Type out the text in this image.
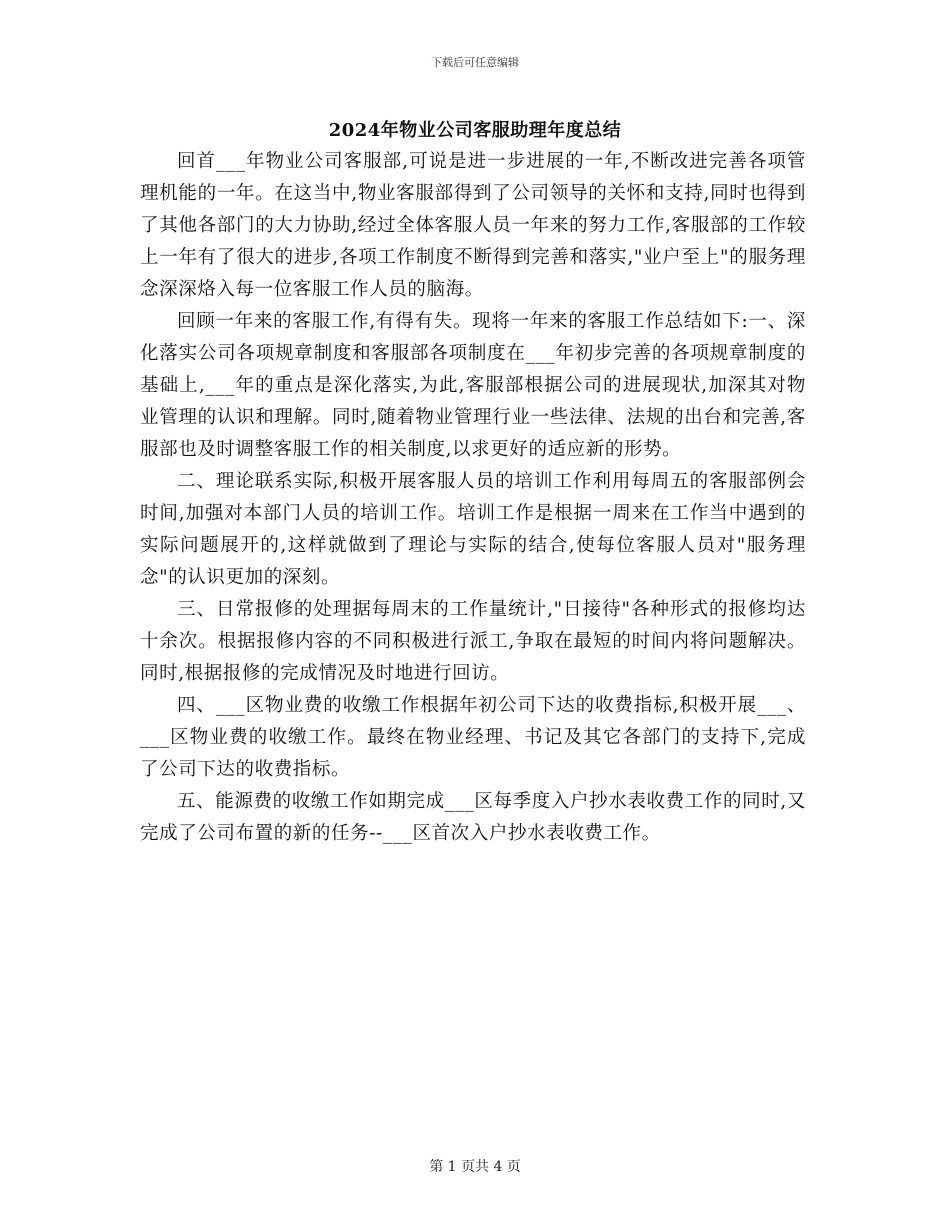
下载后可任意编辑
2024年物业公司客服助理年度总结

回首___年物业公司客服部,可说是进一步进展的一年,不断改进完善各项管理机能的一年。在这当中,物业客服部得到了公司领导的关怀和支持,同时也得到了其他各部门的大力协助,经过全体客服人员一年来的努力工作,客服部的工作较上一年有了很大的进步,各项工作制度不断得到完善和落实,"业户至上"的服务理念深深烙入每一位客服工作人员的脑海。

回顾一年来的客服工作,有得有失。现将一年来的客服工作总结如下:一、深化落实公司各项规章制度和客服部各项制度在___年初步完善的各项规章制度的基础上,___年的重点是深化落实,为此,客服部根据公司的进展现状,加深其对物业管理的认识和理解。同时,随着物业管理行业一些法律、法规的出台和完善,客服部也及时调整客服工作的相关制度,以求更好的适应新的形势。

二、理论联系实际,积极开展客服人员的培训工作利用每周五的客服部例会时间,加强对本部门人员的培训工作。培训工作是根据一周来在工作当中遇到的实际问题展开的,这样就做到了理论与实际的结合,使每位客服人员对"服务理念"的认识更加的深刻。

三、日常报修的处理据每周末的工作量统计,"日接待"各种形式的报修均达十余次。根据报修内容的不同积极进行派工,争取在最短的时间内将问题解决。同时,根据报修的完成情况及时地进行回访。

四、___区物业费的收缴工作根据年初公司下达的收费指标,积极开展___、___区物业费的收缴工作。最终在物业经理、书记及其它各部门的支持下,完成了公司下达的收费指标。

五、能源费的收缴工作如期完成___区每季度入户抄水表收费工作的同时,又完成了公司布置的新的任务--___区首次入户抄水表收费工作。

第 1 页共 4 页
